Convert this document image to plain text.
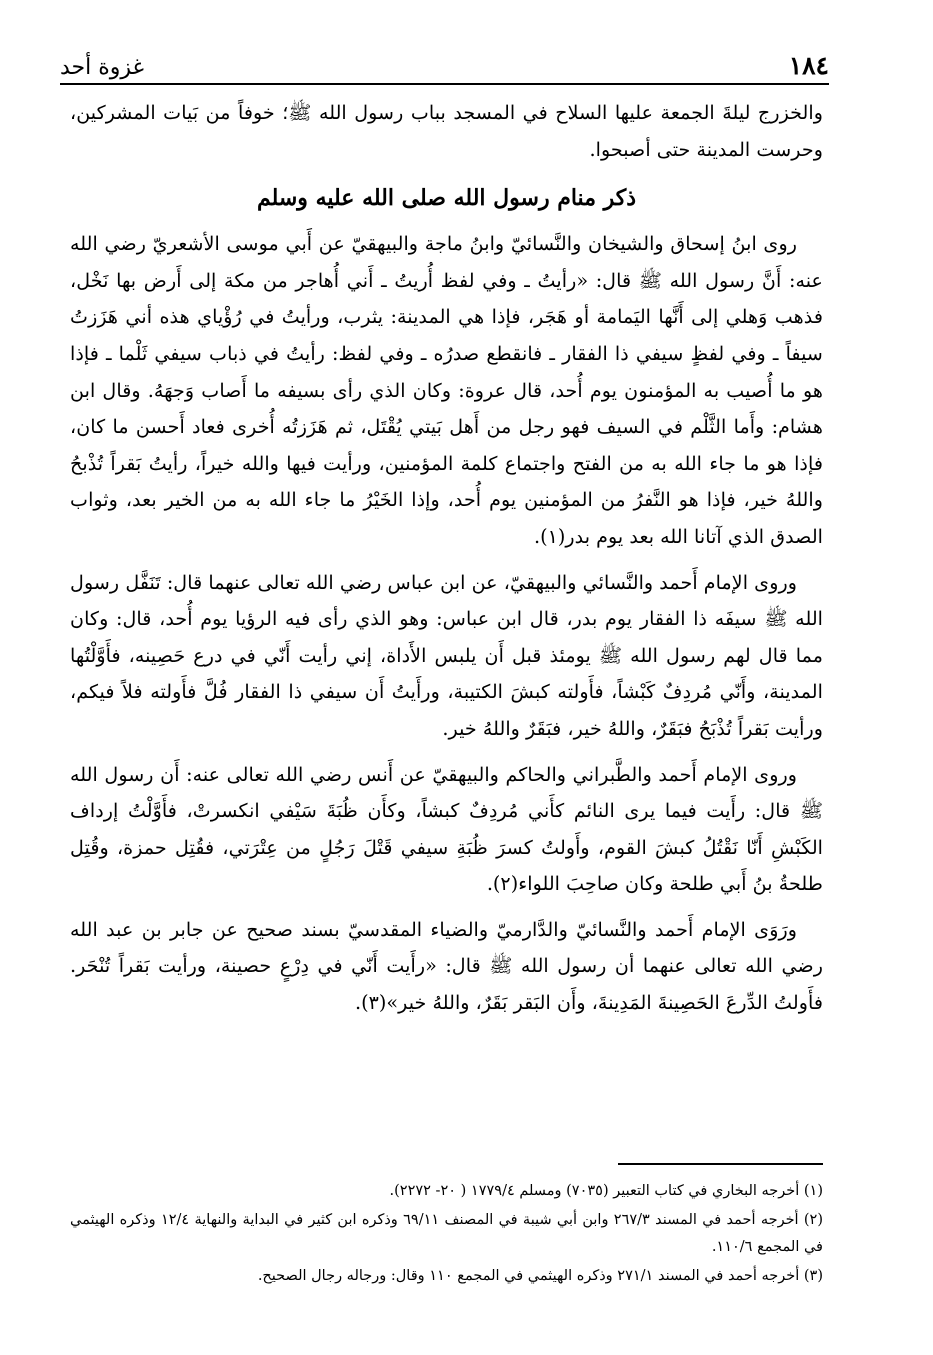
١٨٤
غزوة أحد

والخزرج ليلةَ الجمعة عليها السلاح في المسجد بباب رسول الله ﷺ؛ خوفاً من بَيات المشركين، وحرست المدينة حتى أصبحوا.

ذكر منام رسول الله صلى الله عليه وسلم

روى ابنُ إسحاق والشيخان والنَّسائيّ وابنُ ماجة والبيهقيّ عن أَبي موسى الأشعريّ رضي الله عنه: أَنَّ رسول الله ﷺ قال: «رأيتُ ـ وفي لفظ أُريتُ ـ أَني أُهاجر من مكة إلى أَرض بها نَخْل، فذهب وَهلي إلى أَنَّها اليَمامة أو هَجَر، فإذا هي المدينة: يثرب، ورأيتُ في رُؤْياي هذه أني هَزَزتُ سيفاً ـ وفي لفظٍ سيفي ذا الفقار ـ فانقطع صدرُه ـ وفي لفظ: رأيتُ في ذباب سيفي ثَلْما ـ فإذا هو ما أُصيب به المؤمنون يوم أُحد، قال عروة: وكان الذي رأى بسيفه ما أَصاب وَجهَهُ. وقال ابن هشام: وأَما الثَّلْم في السيف فهو رجل من أَهل بَيتي يُقْتَل، ثم هَزَزتُه أُخرى فعاد أَحسن ما كان، فإذا هو ما جاء الله به من الفتح واجتماع كلمة المؤمنين، ورأيت فيها والله خيراً، رأيتُ بَقراً تُذْبحُ واللهُ خير، فإذا هو النَّفرُ من المؤمنين يوم أُحد، وإذا الخَيْرُ ما جاء الله به من الخير بعد، وثواب الصدق الذي آتانا الله بعد يوم بدر(١).

وروى الإمام أَحمد والنَّسائي والبيهقيّ، عن ابن عباس رضي الله تعالى عنهما قال: تَنَفَّل رسول الله ﷺ سيفَه ذا الفقار يوم بدر، قال ابن عباس: وهو الذي رأى فيه الرؤيا يوم أُحد، قال: وكان مما قال لهم رسول الله ﷺ يومئذ قبل أَن يلبس الأَداة، إني رأيت أَنّي في درع حَصِينه، فأَوَّلْتُها المدينة، وأَنّي مُردِفٌ كَبْشاً، فأَولته كبشَ الكتيبة، ورأَيتُ أَن سيفي ذا الفقار فُلَّ فأَولته فلاً فيكم، ورأيت بَقراً تُذْبَحُ فبَقَرٌ، واللهُ خير، فبَقَرٌ واللهُ خير.

وروى الإمام أَحمد والطَّبراني والحاكم والبيهقيّ عن أَنس رضي الله تعالى عنه: أَن رسول الله ﷺ قال: رأَيت فيما يرى النائم كأَني مُردِفٌ كبشاً، وكأَن ظُبَةَ سَيْفي انكسرتْ، فأَوَّلْتُ إرداف الكَبْشِ أَنّا نَقْتُلُ كبشَ القوم، وأَولتُ كسرَ ظُبَةِ سيفي قَتْلَ رَجُلٍ من عِتْرَتي، فقُتِل حمزة، وقُتِل طلحةُ بنُ أَبي طلحة وكان صاحِبَ اللواء(٢).

ورَوَى الإمام أَحمد والنَّسائيّ والدَّارميّ والضياء المقدسيّ بسند صحيح عن جابر بن عبد الله رضي الله تعالى عنهما أن رسول الله ﷺ قال: «رأَيت أَنّي في دِرْعٍ حصينة، ورأيت بَقراً تُنْحَر. فأَولتُ الدِّرعَ الحَصِينةَ المَدِينةَ، وأَن البَقر بَقَرٌ، واللهُ خير»(٣).

(١) أخرجه البخاري في كتاب التعبير (٧٠٣٥) ومسلم ١٧٧٩/٤ ( ٢٠- ٢٢٧٢).

(٢) أخرجه أحمد في المسند ٢٦٧/٣ وابن أبي شيبة في المصنف ٦٩/١١ وذكره ابن كثير في البداية والنهاية ١٢/٤ وذكره الهيثمي في المجمع ١١٠/٦.

(٣) أخرجه أحمد في المسند ٢٧١/١ وذكره الهيثمي في المجمع ١١٠ وقال: ورجاله رجال الصحيح.
